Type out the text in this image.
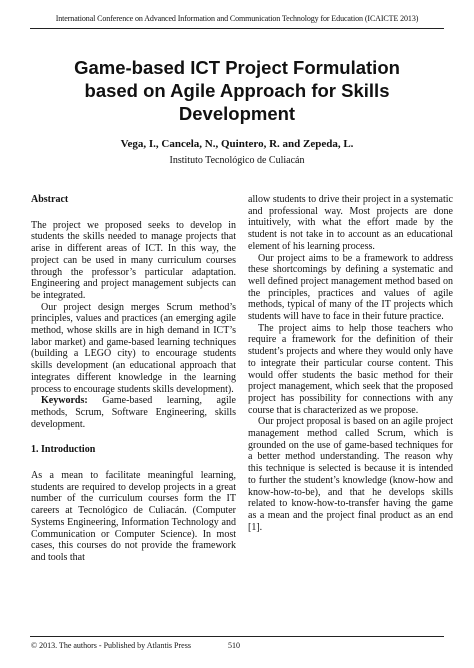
International Conference on Advanced Information and Communication Technology for Education (ICAICTE 2013)
Game-based ICT Project Formulation
based on Agile Approach for Skills
Development
Vega, I., Cancela, N., Quintero, R. and Zepeda, L.
Instituto Tecnológico de Culiacán
Abstract

The project we proposed seeks to develop in students the skills needed to manage projects that arise in different areas of ICT. In this way, the project can be used in many curriculum courses through the professor’s particular adaptation. Engineering and project management subjects can be integrated.

Our project design merges Scrum method’s principles, values and practices (an emerging agile method, whose skills are in high demand in ICT’s labor market) and game-based learning techniques (building a LEGO city) to encourage students skills development (an educational approach that integrates different knowledge in the learning process to encourage students skills development).

Keywords: Game-based learning, agile methods, Scrum, Software Engineering, skills development.

1. Introduction

As a mean to facilitate meaningful learning, students are required to develop projects in a great number of the curriculum courses form the IT careers at Tecnológico de Culiacán. (Computer Systems Engineering, Information Technology and Communication or Computer Science). In most cases, this courses do not provide the framework and tools that

allow students to drive their project in a systematic and professional way. Most projects are done intuitively, with what the effort made by the student is not take in to account as an educational element of his learning process.

Our project aims to be a framework to address these shortcomings by defining a systematic and well defined project management method based on the principles, practices and values of agile methods, typical of many of the IT projects which students will have to face in their future practice.

The project aims to help those teachers who require a framework for the definition of their student’s projects and where they would only have to integrate their particular course content. This would offer students the basic method for their project management, which seek that the proposed project has possibility for connections with any course that is characterized as we propose.

Our project proposal is based on an agile project management method called Scrum, which is grounded on the use of game-based techniques for a better method understanding. The reason why this technique is selected is because it is intended to further the student’s knowledge (know-how and know-how-to-be), and that he develops skills related to know-how-to-transfer having the game as a mean and the project final product as an end [1].

© 2013. The authors - Published by Atlantis Press	510
